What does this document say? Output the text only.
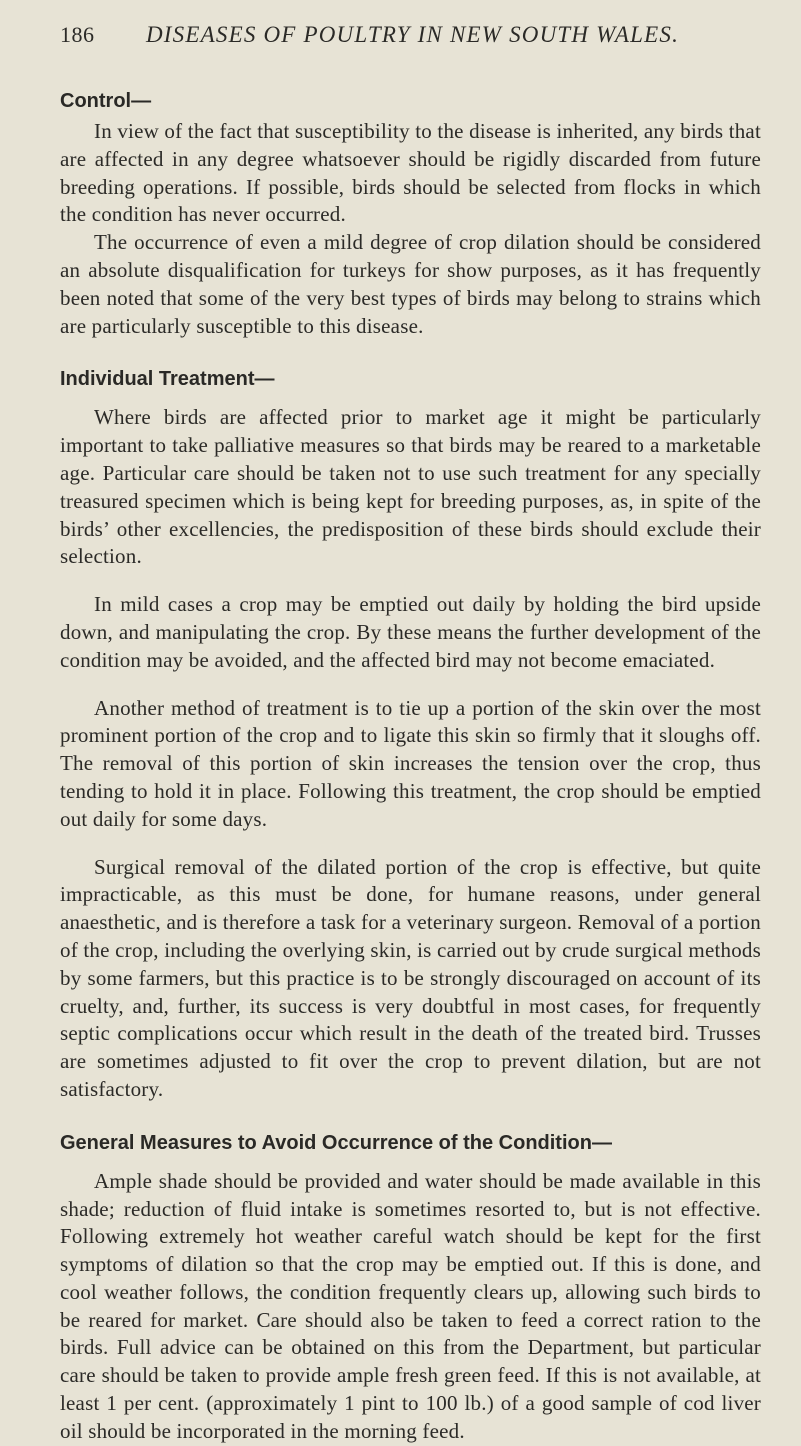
186	DISEASES OF POULTRY IN NEW SOUTH WALES.
Control—

In view of the fact that susceptibility to the disease is inherited, any birds that are affected in any degree whatsoever should be rigidly discarded from future breeding operations. If possible, birds should be selected from flocks in which the condition has never occurred.

The occurrence of even a mild degree of crop dilation should be considered an absolute disqualification for turkeys for show purposes, as it has frequently been noted that some of the very best types of birds may belong to strains which are particularly susceptible to this disease.

Individual Treatment—

Where birds are affected prior to market age it might be particularly important to take palliative measures so that birds may be reared to a marketable age. Particular care should be taken not to use such treatment for any specially treasured specimen which is being kept for breeding purposes, as, in spite of the birds’ other excellencies, the predisposition of these birds should exclude their selection.

In mild cases a crop may be emptied out daily by holding the bird upside down, and manipulating the crop. By these means the further development of the condition may be avoided, and the affected bird may not become emaciated.

Another method of treatment is to tie up a portion of the skin over the most prominent portion of the crop and to ligate this skin so firmly that it sloughs off. The removal of this portion of skin increases the tension over the crop, thus tending to hold it in place. Following this treatment, the crop should be emptied out daily for some days.

Surgical removal of the dilated portion of the crop is effective, but quite impracticable, as this must be done, for humane reasons, under general anaesthetic, and is therefore a task for a veterinary surgeon. Removal of a portion of the crop, including the overlying skin, is carried out by crude surgical methods by some farmers, but this practice is to be strongly discouraged on account of its cruelty, and, further, its success is very doubtful in most cases, for frequently septic complications occur which result in the death of the treated bird. Trusses are sometimes adjusted to fit over the crop to prevent dilation, but are not satisfactory.

General Measures to Avoid Occurrence of the Condition—

Ample shade should be provided and water should be made available in this shade; reduction of fluid intake is sometimes resorted to, but is not effective. Following extremely hot weather careful watch should be kept for the first symptoms of dilation so that the crop may be emptied out. If this is done, and cool weather follows, the condition frequently clears up, allowing such birds to be reared for market. Care should also be taken to feed a correct ration to the birds. Full advice can be obtained on this from the Department, but particular care should be taken to provide ample fresh green feed. If this is not available, at least 1 per cent. (approximately 1 pint to 100 lb.) of a good sample of cod liver oil should be incorporated in the morning feed.
